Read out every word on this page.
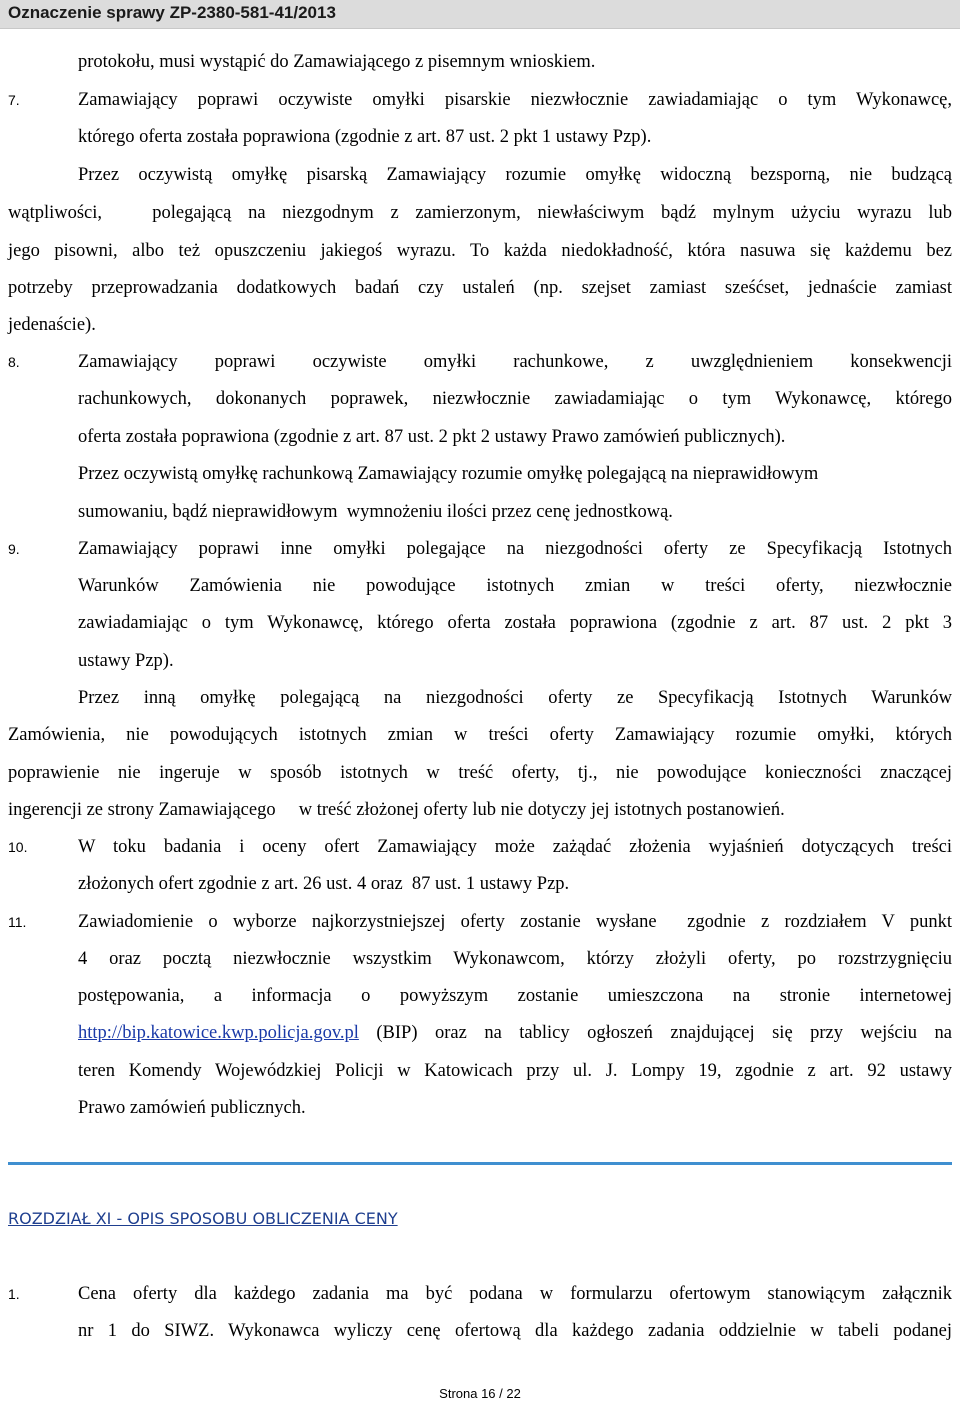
Oznaczenie sprawy ZP-2380-581-41/2013
protokołu, musi wystąpić do Zamawiającego z pisemnym wnioskiem.
7.	Zamawiający poprawi oczywiste omyłki pisarskie niezwłocznie zawiadamiając o tym Wykonawcę,
którego oferta została poprawiona (zgodnie z art. 87 ust. 2 pkt 1 ustawy Pzp).
Przez oczywistą omyłkę pisarską Zamawiający rozumie omyłkę widoczną bezsporną, nie budzącą
wątpliwości,   polegającą na niezgodnym z zamierzonym, niewłaściwym bądź mylnym użyciu wyrazu lub
jego pisowni, albo też opuszczeniu jakiegoś wyrazu. To każda niedokładność, która nasuwa się każdemu bez
potrzeby przeprowadzania dodatkowych badań czy ustaleń (np. szejset zamiast sześćset, jednaście zamiast
jedenaście).
8.	Zamawiający poprawi oczywiste omyłki rachunkowe, z uwzględnieniem konsekwencji
rachunkowych, dokonanych poprawek, niezwłocznie zawiadamiając o tym Wykonawcę, którego
oferta została poprawiona (zgodnie z art. 87 ust. 2 pkt 2 ustawy Prawo zamówień publicznych).
Przez oczywistą omyłkę rachunkową Zamawiający rozumie omyłkę polegającą na nieprawidłowym
sumowaniu, bądź nieprawidłowym  wymnożeniu ilości przez cenę jednostkową.
9.	Zamawiający poprawi inne omyłki polegające na niezgodności oferty ze Specyfikacją Istotnych
Warunków Zamówienia nie powodujące istotnych zmian w treści oferty, niezwłocznie
zawiadamiając o tym Wykonawcę, którego oferta została poprawiona (zgodnie z art. 87 ust. 2 pkt 3
ustawy Pzp).
Przez inną omyłkę polegającą na niezgodności oferty ze Specyfikacją Istotnych Warunków
Zamówienia, nie powodujących istotnych zmian w treści oferty Zamawiający rozumie omyłki, których
poprawienie nie ingeruje w sposób istotnych w treść oferty, tj., nie powodujące konieczności znaczącej
ingerencji ze strony Zamawiającego     w treść złożonej oferty lub nie dotyczy jej istotnych postanowień.
10.	W toku badania i oceny ofert Zamawiający może zażądać złożenia wyjaśnień dotyczących treści
złożonych ofert zgodnie z art. 26 ust. 4 oraz  87 ust. 1 ustawy Pzp.
11.	Zawiadomienie o wyborze najkorzystniejszej oferty zostanie wysłane  zgodnie z rozdziałem V punkt
4 oraz pocztą niezwłocznie wszystkim Wykonawcom, którzy złożyli oferty, po rozstrzygnięciu
postępowania, a informacja o powyższym zostanie umieszczona na stronie internetowej
http://bip.katowice.kwp.policja.gov.pl (BIP) oraz na tablicy ogłoszeń znajdującej się przy wejściu na
teren Komendy Wojewódzkiej Policji w Katowicach przy ul. J. Lompy 19, zgodnie z art. 92 ustawy
Prawo zamówień publicznych.
ROZDZIAŁ XI - OPIS SPOSOBU OBLICZENIA CENY
1.	Cena oferty dla każdego zadania ma być podana w formularzu ofertowym stanowiącym załącznik
nr 1 do SIWZ. Wykonawca wyliczy cenę ofertową dla każdego zadania oddzielnie w tabeli podanej
Strona 16 / 22
